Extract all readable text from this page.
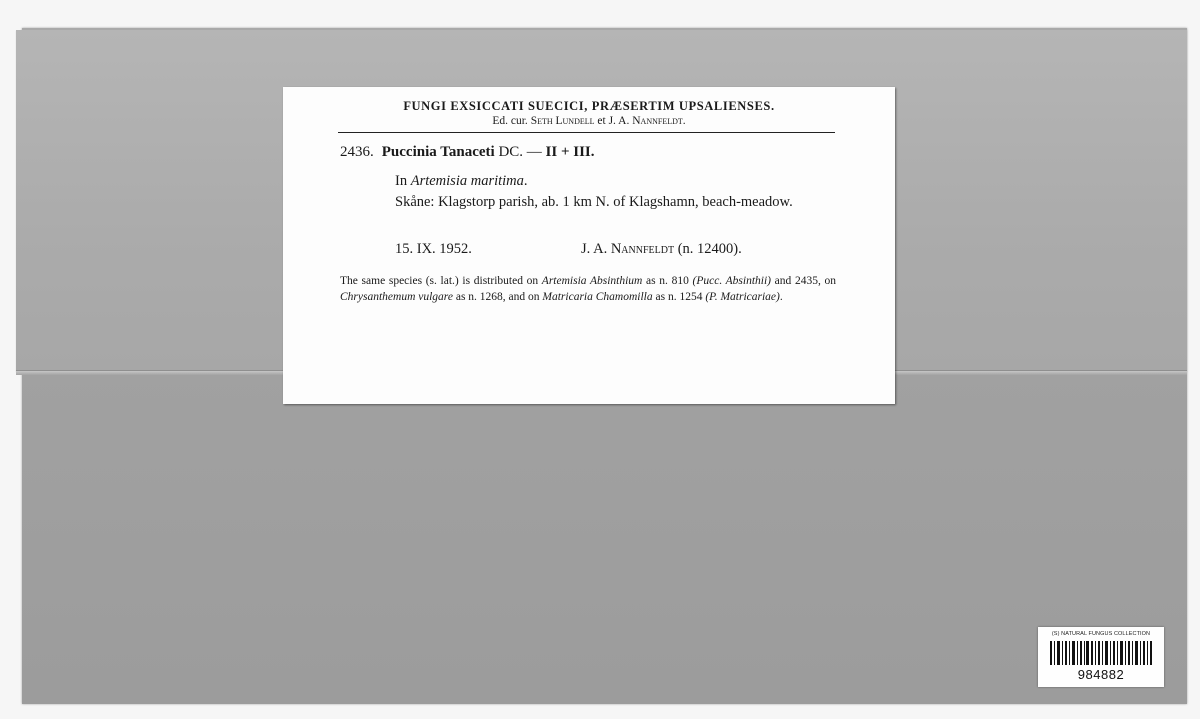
FUNGI EXSICCATI SUECICI, PRÆSERTIM UPSALIENSES.
Ed. cur. Seth Lundell et J. A. Nannfeldt.
2436. Puccinia Tanaceti DC. — II + III.
In Artemisia maritima.
Skåne: Klagstorp parish, ab. 1 km N. of Klagshamn, beach-meadow.
15. IX. 1952.	J. A. Nannfeldt (n. 12400).
The same species (s. lat.) is distributed on Artemisia Absinthium as n. 810 (Pucc. Absinthii) and 2435, on Chrysanthemum vulgare as n. 1268, and on Matricaria Chamomilla as n. 1254 (P. Matricariae).
(S) NATURAL FUNGUS COLLECTION
984882
